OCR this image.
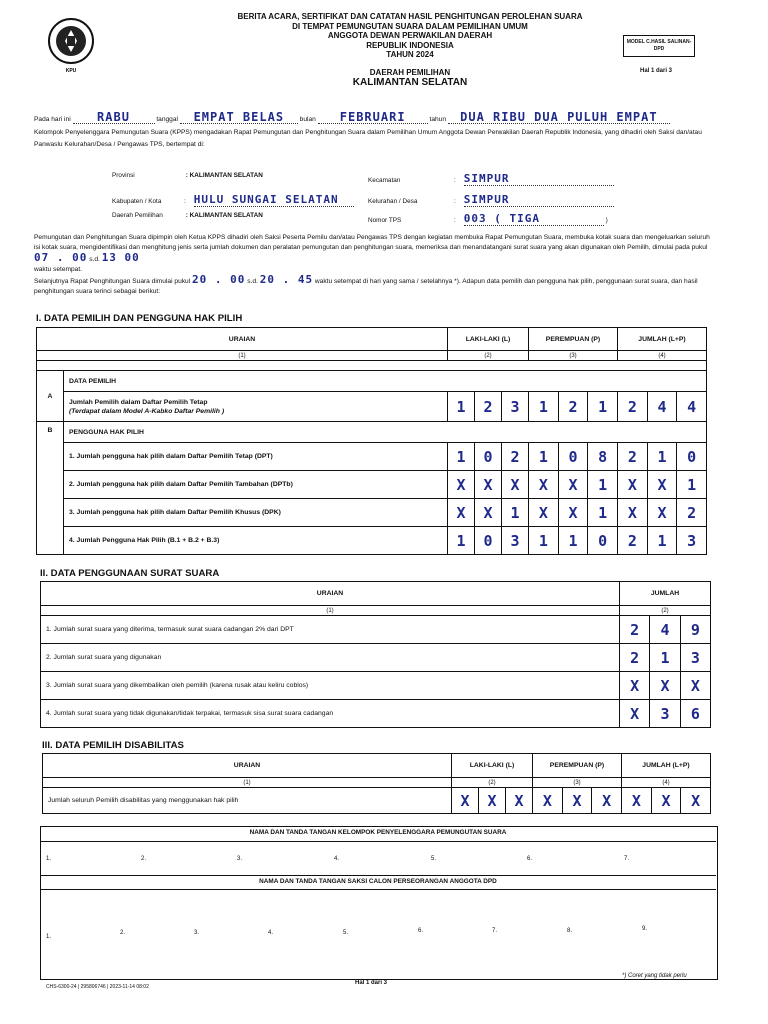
KPU
BERITA ACARA, SERTIFIKAT DAN CATATAN HASIL PENGHITUNGAN PEROLEHAN SUARA
DI TEMPAT PEMUNGUTAN SUARA DALAM PEMILIHAN UMUM
ANGGOTA DEWAN PERWAKILAN DAERAH
REPUBLIK INDONESIA
TAHUN 2024
DAERAH PEMILIHAN
KALIMANTAN SELATAN
MODEL C.HASIL SALINAN-DPD
Hal 1 dari 3
Pada hari ini RABU	tanggal EMPAT BELAS bulan FEBRUARI	tahun DUA RIBU DUA PULUH EMPAT
Kelompok Penyelenggara Pemungutan Suara (KPPS) mengadakan Rapat Pemungutan dan Penghitungan Suara dalam Pemilihan Umum Anggota Dewan Perwakilan Daerah Republik Indonesia, yang dihadiri oleh Saksi dan/atau Panwaslu Kelurahan/Desa / Pengawas TPS, bertempat di:
Provinsi	: KALIMANTAN SELATAN
Kabupaten / Kota	: HULU SUNGAI SELATAN
Daerah Pemilihan	: KALIMANTAN SELATAN
Kecamatan	: SIMPUR
Kelurahan / Desa	: SIMPUR
Nomor TPS	: 003 ( TIGA	)
Pemungutan dan Penghitungan Suara dipimpin oleh Ketua KPPS dihadiri oleh Saksi Peserta Pemilu dan/atau Pengawas TPS dengan kegiatan membuka Rapat Pemungutan Suara, membuka kotak suara dan mengeluarkan seluruh isi kotak suara, mengidentifikasi dan menghitung jenis serta jumlah dokumen dan peralatan pemungutan dan penghitungan suara, memeriksa dan menandatangani surat suara yang akan digunakan oleh Pemilih, dimulai pada pukul 07 . 00 s.d. 13 00
waktu setempat.
Selanjutnya Rapat Penghitungan Suara dimulai pukul 20 . 00 s.d. 20 . 45 waktu setempat di hari yang sama / setelahnya *). Adapun data pemilih dan pengguna hak pilih, penggunaan surat suara, dan hasil penghitungan suara terinci sebagai berikut:
I. DATA PEMILIH DAN PENGGUNA HAK PILIH
URAIAN		LAKI-LAKI (L)			PEREMPUAN (P)			JUMLAH (L+P)		
(1)		(2)			(3)			(4)		

A	DATA PEMILIH									
	Jumlah Pemilih dalam Daftar Pemilih Tetap
(Terdapat dalam Model A-Kabko Daftar Pemilih )	1	2	3	1	2	1	2	4	4
B	PENGGUNA HAK PILIH									
	1. Jumlah pengguna hak pilih dalam Daftar Pemilih Tetap (DPT)	1	0	2	1	0	8	2	1	0
	2. Jumlah pengguna hak pilih dalam Daftar Pemilih Tambahan (DPTb)	X	X	X	X	X	1	X	X	1
	3. Jumlah pengguna hak pilih dalam Daftar Pemilih Khusus (DPK)	X	X	1	X	X	1	X	X	2
	4. Jumlah Pengguna Hak Pilih (B.1 + B.2 + B.3)	1	0	3	1	1	0	2	1	3
II. DATA PENGGUNAAN SURAT SUARA
URAIAN	JUMLAH		
(1)	(2)		
1. Jumlah surat suara yang diterima, termasuk surat suara cadangan 2% dari DPT	2	4	9
2. Jumlah surat suara yang digunakan	2	1	3
3. Jumlah surat suara yang dikembalikan oleh pemilih (karena rusak atau keliru coblos)	X	X	X
4. Jumlah surat suara yang tidak digunakan/tidak terpakai, termasuk sisa surat suara cadangan	X	3	6
III. DATA PEMILIH DISABILITAS
URAIAN	LAKI-LAKI (L)			PEREMPUAN (P)			JUMLAH (L+P)		
(1)	(2)			(3)			(4)		
Jumlah seluruh Pemilih disabilitas yang menggunakan hak pilih	X	X	X	X	X	X	X	X	X
NAMA DAN TANDA TANGAN KELOMPOK PENYELENGGARA PEMUNGUTAN SUARA
1.	2.	3.	4.	5.	6.	7.
NAMA DAN TANDA TANGAN SAKSI CALON PERSEORANGAN ANGGOTA DPD
1.
2.	3.	4.	5.	6.	7.	8.	9.
CHS-6300-24 | 295806746 | 2023-11-14 08:02
Hal 1 dari 3
*) Coret yang tidak perlu
